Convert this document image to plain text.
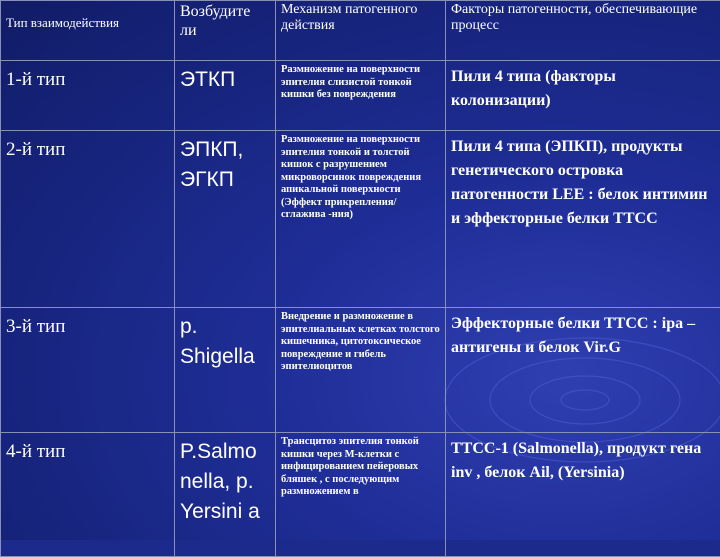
Тип взаимодействия	Возбудите ли	Механизм патогенного действия	Факторы патогенности, обеспечивающие процесс
1-й тип	ЭТКП	Размножение на поверхности эпителия слизистой тонкой кишки без повреждения	Пили 4 типа (факторы колонизации)
2-й тип	ЭПКП, ЭГКП	Размножение на поверхности эпителия тонкой и толстой кишок с разрушением микроворсинок повреждения апикальной поверхности (Эффект прикрепления/сглажива -ния)	Пили 4 типа (ЭПКП), продукты генетического островка патогенности LEE : белок интимин и эффекторные белки ТТСС
3-й тип	р. Shigella	Внедрение и размножение в эпителиальных клетках толстого кишечника, цитотоксическое повреждение и гибель эпителиоцитов	Эффекторные белки ТТСС : ipa –антигены и белок Vir.G
4-й тип	P.Salmo nella, p. Yersini a	Трансцитоз эпителия тонкой кишки через М-клетки с инфицированием пейеровых бляшек , с последующим размножением в	ТТСС-1 (Salmonella), продукт гена inv , белок Ail, (Yersinia)
